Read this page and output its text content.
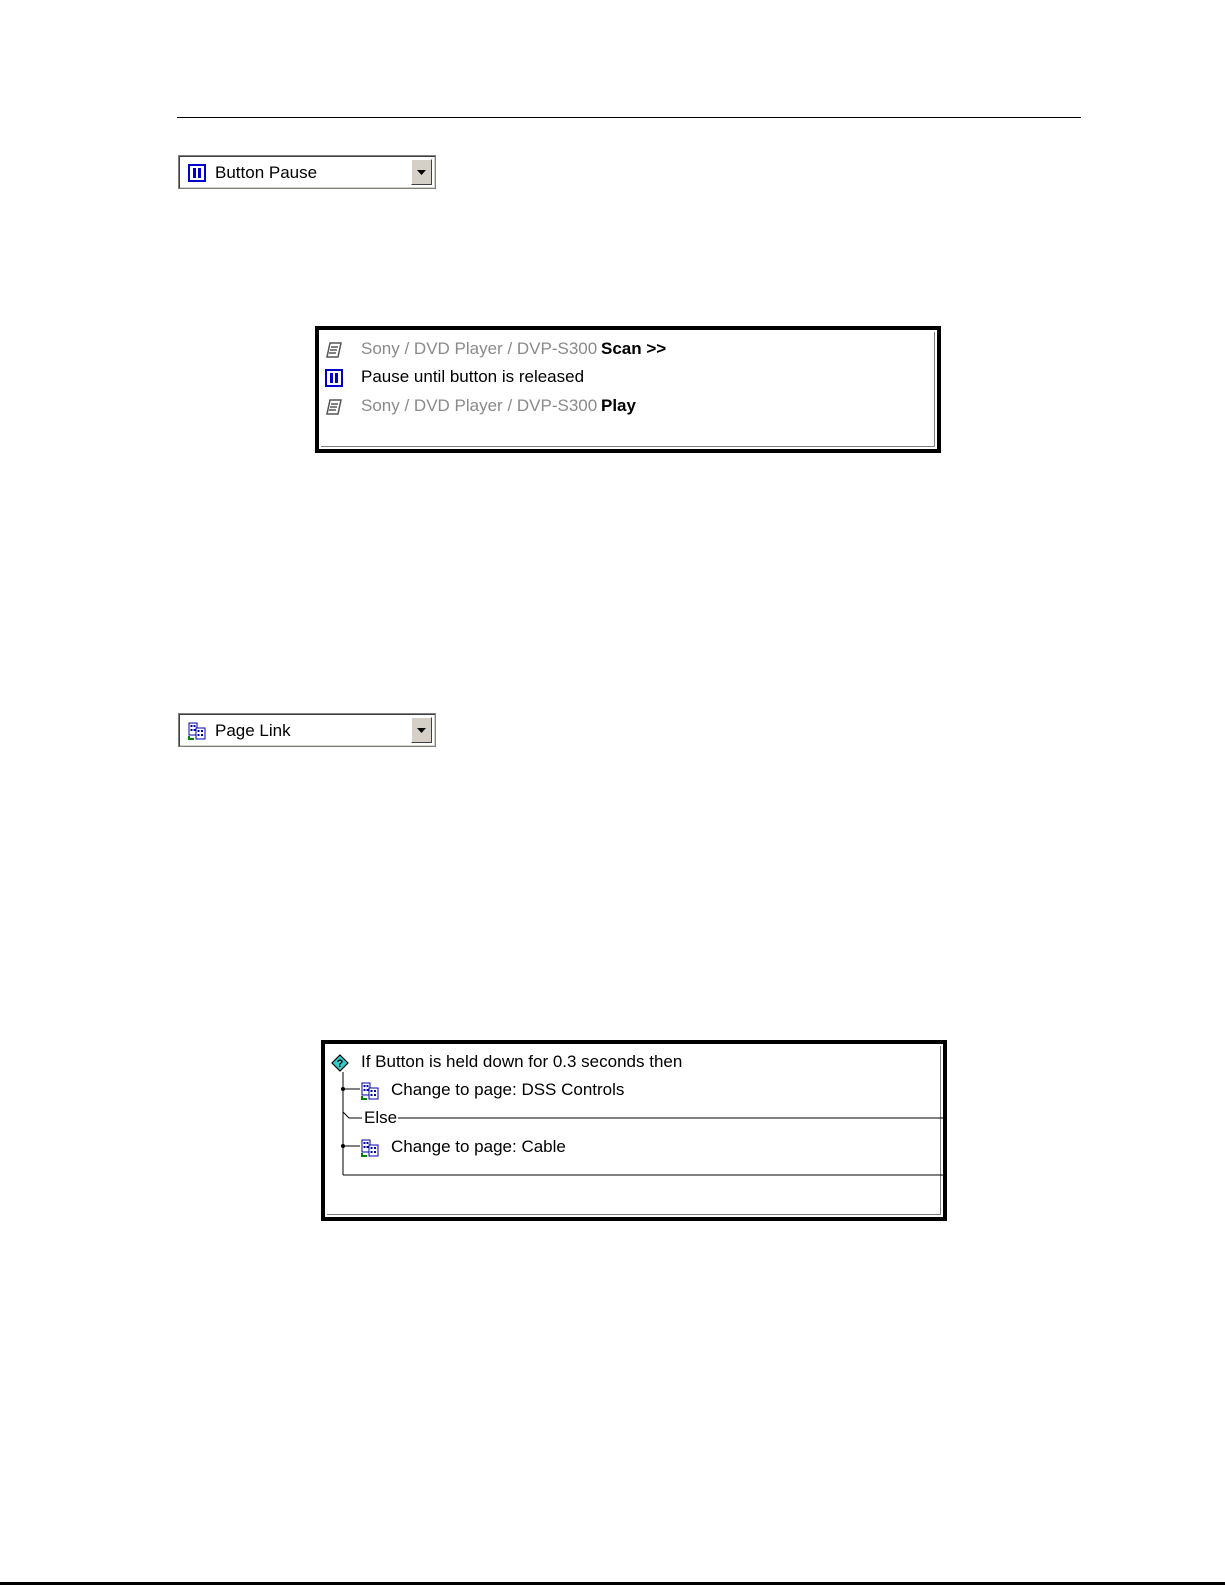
Button Pause
Sony / DVD Player / DVP-S300 Scan >>
Pause until button is released
Sony / DVD Player / DVP-S300 Play
Page Link
? If Button is held down for 0.3 seconds then
Change to page: DSS Controls
Else
Change to page: Cable
